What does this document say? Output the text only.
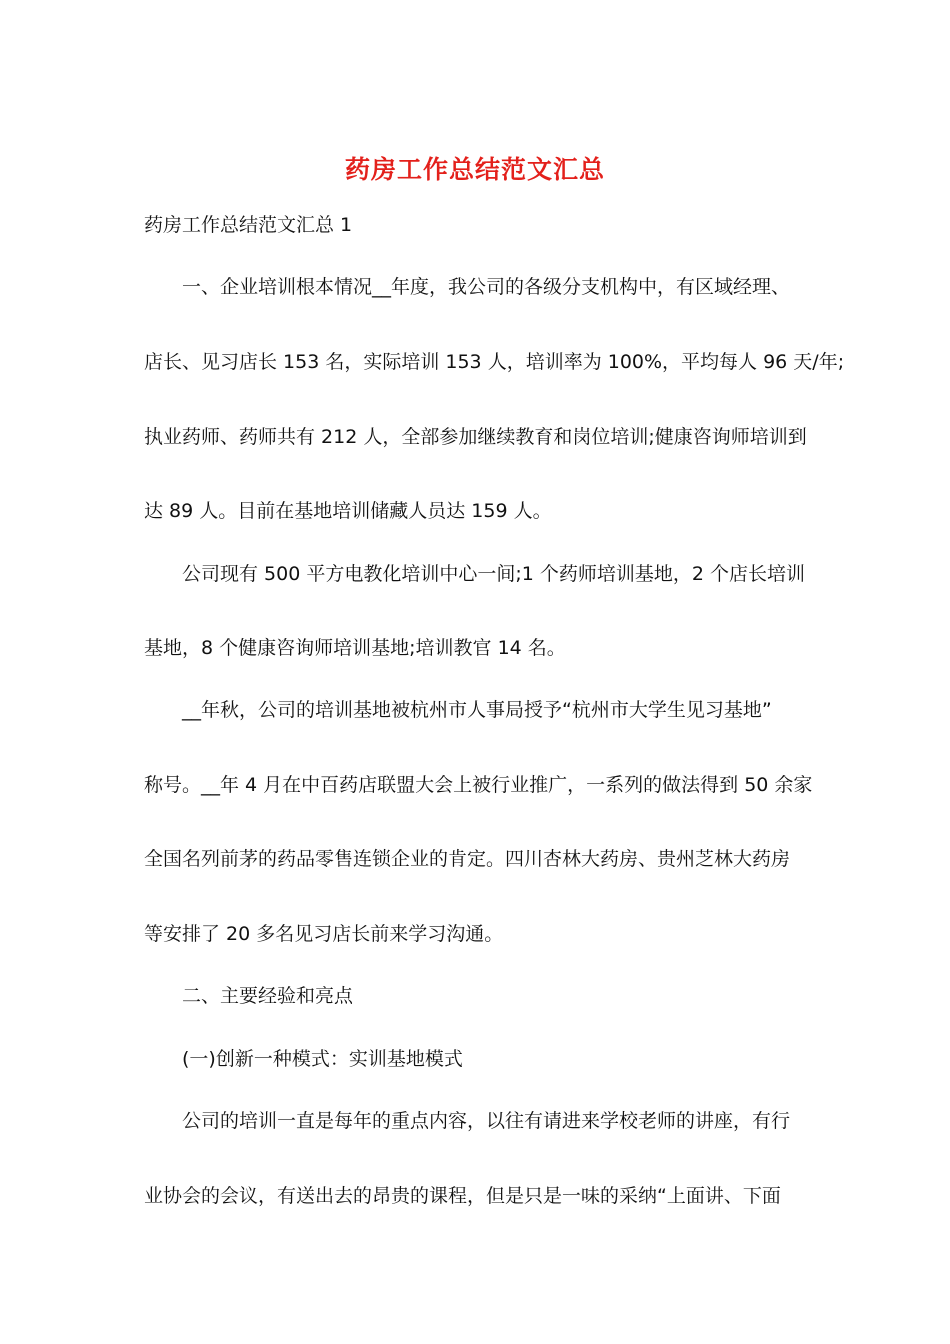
药房工作总结范文汇总
药房工作总结范文汇总 1
一、企业培训根本情况__年度，我公司的各级分支机构中，有区域经理、
店长、见习店长 153 名，实际培训 153 人，培训率为 100%，平均每人 96 天/年;
执业药师、药师共有 212 人，全部参加继续教育和岗位培训;健康咨询师培训到
达 89 人。目前在基地培训储藏人员达 159 人。
公司现有 500 平方电教化培训中心一间;1 个药师培训基地，2 个店长培训
基地，8 个健康咨询师培训基地;培训教官 14 名。
__年秋，公司的培训基地被杭州市人事局授予“杭州市大学生见习基地”
称号。__年 4 月在中百药店联盟大会上被行业推广，一系列的做法得到 50 余家
全国名列前茅的药品零售连锁企业的肯定。四川杏林大药房、贵州芝林大药房
等安排了 20 多名见习店长前来学习沟通。
二、主要经验和亮点
(一)创新一种模式：实训基地模式
公司的培训一直是每年的重点内容，以往有请进来学校老师的讲座，有行
业协会的会议，有送出去的昂贵的课程，但是只是一味的采纳“上面讲、下面
